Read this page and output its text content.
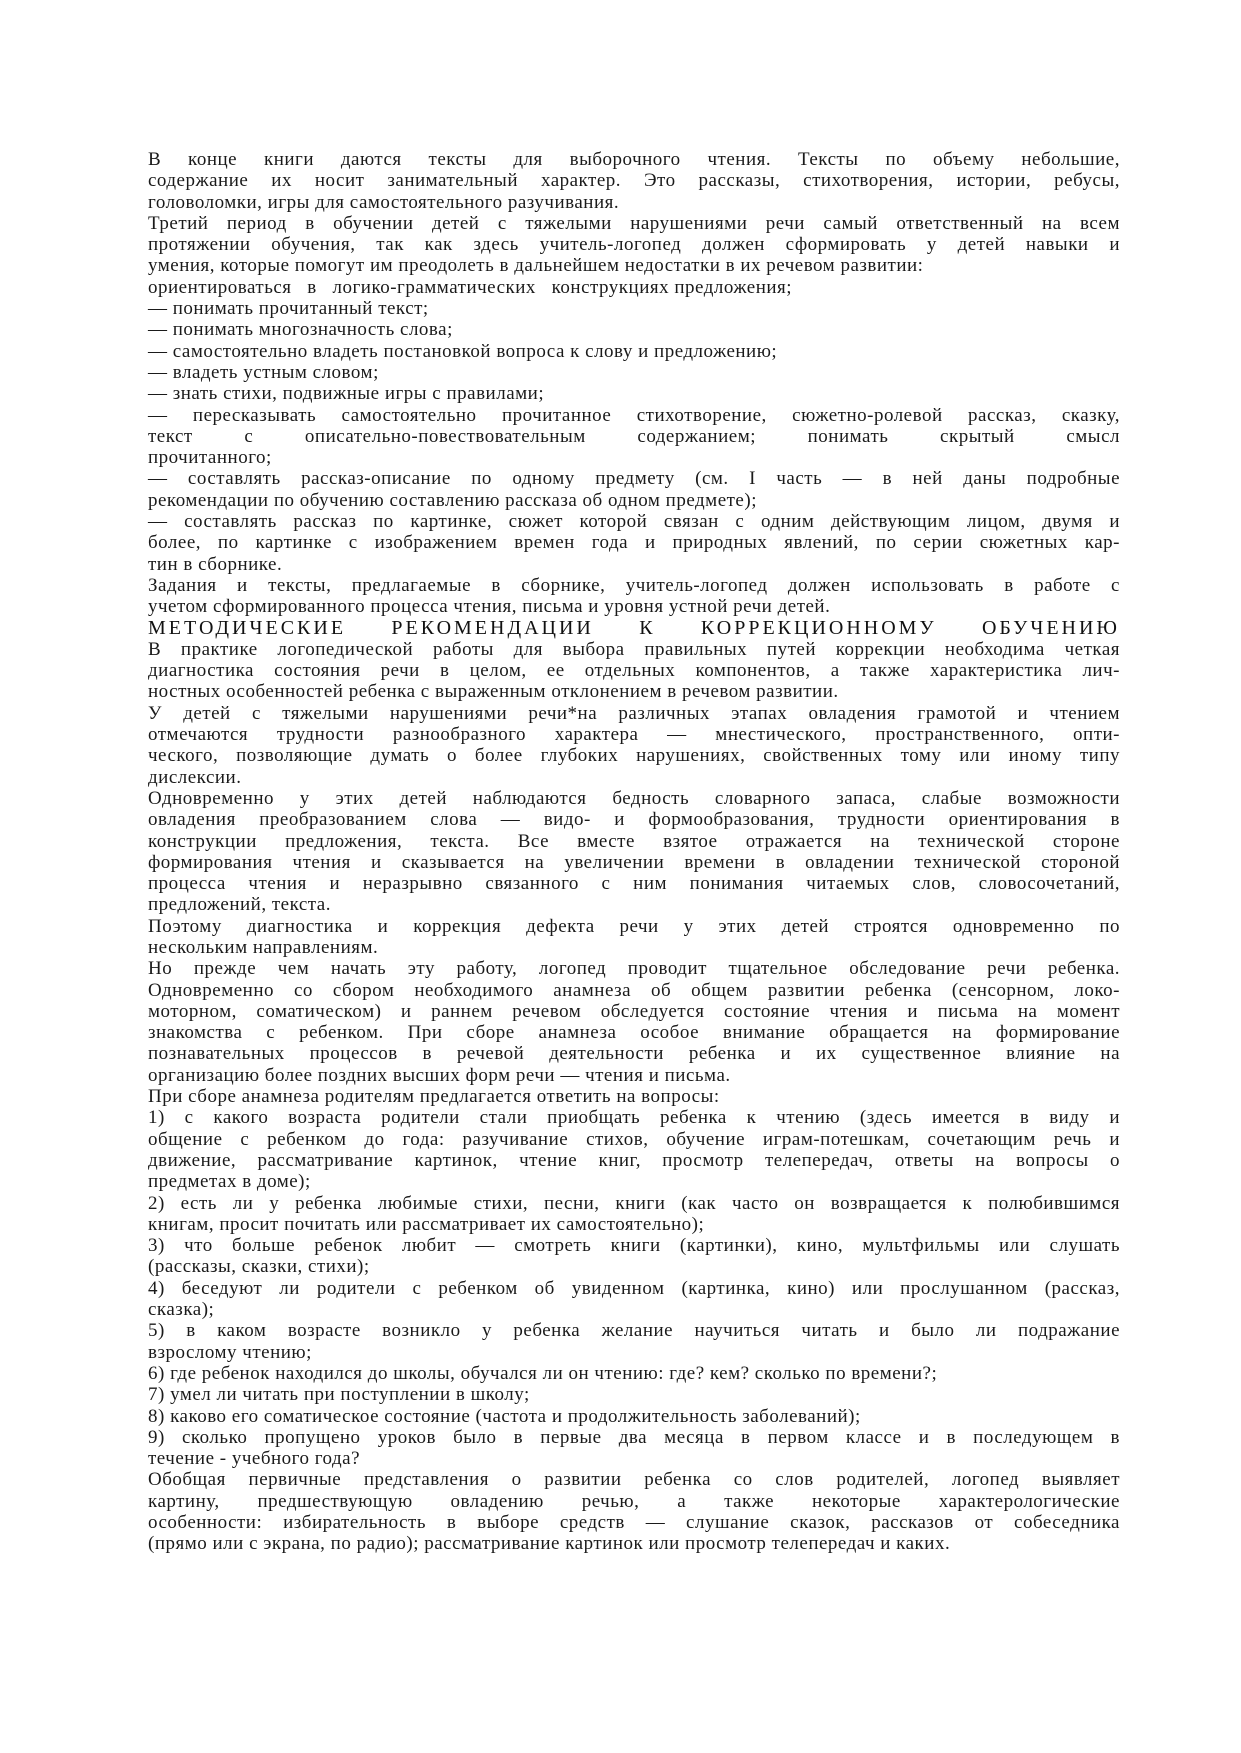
В конце книги даются тексты для выборочного чтения. Тексты по объему небольшие,
содержание их носит занимательный характер. Это рассказы, стихотворения, истории, ребусы,
головоломки, игры для самостоятельного разучивания.
Третий период в обучении детей с тяжелыми нарушениями речи самый ответственный на всем
протяжении обучения, так как здесь учитель-логопед должен сформировать у детей навыки и
умения, которые помогут им преодолеть в дальнейшем недостатки в их речевом развитии:
ориентироваться   в   логико-грамматических   конструкциях предложения;
— понимать прочитанный текст;
— понимать многозначность слова;
— самостоятельно владеть постановкой вопроса к слову и предложению;
— владеть устным словом;
— знать стихи, подвижные игры с правилами;
— пересказывать самостоятельно прочитанное стихотворение, сюжетно-ролевой рассказ, сказку,
текст с описательно-повествовательным содержанием; понимать скрытый смысл
прочитанного;
— составлять рассказ-описание по одному предмету (см. I часть — в ней даны подробные
рекомендации по обучению составлению рассказа об одном предмете);
— составлять рассказ по картинке, сюжет которой связан с одним действующим лицом, двумя и
более, по картинке с изображением времен года и природных явлений, по серии сюжетных кар-
тин в сборнике.
Задания и тексты, предлагаемые в сборнике, учитель-логопед должен использовать в работе с
учетом сформированного процесса чтения, письма и уровня устной речи детей.
МЕТОДИЧЕСКИЕ РЕКОМЕНДАЦИИ К КОРРЕКЦИОННОМУ ОБУЧЕНИЮ
В практике логопедической работы для выбора правильных путей коррекции необходима четкая
диагностика состояния речи в целом, ее отдельных компонентов, а также характеристика лич-
ностных особенностей ребенка с выраженным отклонением в речевом развитии.
У детей с тяжелыми нарушениями речи*на различных этапах овладения грамотой и чтением
отмечаются трудности разнообразного характера — мнестического, пространственного, опти-
ческого, позволяющие думать о более глубоких нарушениях, свойственных тому или иному типу
дислексии.
Одновременно у этих детей наблюдаются бедность словарного запаса, слабые возможности
овладения преобразованием слова — видо- и формообразования, трудности ориентирования в
конструкции предложения, текста. Все вместе взятое отражается на технической стороне
формирования чтения и сказывается на увеличении времени в овладении технической стороной
процесса чтения и неразрывно связанного с ним понимания читаемых слов, словосочетаний,
предложений, текста.
Поэтому диагностика и коррекция дефекта речи у этих детей строятся одновременно по
нескольким направлениям.
Но прежде чем начать эту работу, логопед проводит тщательное обследование речи ребенка.
Одновременно со сбором необходимого анамнеза об общем развитии ребенка (сенсорном, локо-
моторном, соматическом) и раннем речевом обследуется состояние чтения и письма на момент
знакомства с ребенком. При сборе анамнеза особое внимание обращается на формирование
познавательных процессов в речевой деятельности ребенка и их существенное влияние на
организацию более поздних высших форм речи — чтения и письма.
При сборе анамнеза родителям предлагается ответить на вопросы:
1) с какого возраста родители стали приобщать ребенка к чтению (здесь имеется в виду и
общение с ребенком до года: разучивание стихов, обучение играм-потешкам, сочетающим речь и
движение, рассматривание картинок, чтение книг, просмотр телепередач, ответы на вопросы о
предметах в доме);
2) есть ли у ребенка любимые стихи, песни, книги (как часто он возвращается к полюбившимся
книгам, просит почитать или рассматривает их самостоятельно);
3) что больше ребенок любит — смотреть книги (картинки), кино, мультфильмы или слушать
(рассказы, сказки, стихи);
4) беседуют ли родители с ребенком об увиденном (картинка, кино) или прослушанном (рассказ,
сказка);
5) в каком возрасте возникло у ребенка желание научиться читать и было ли подражание
взрослому чтению;
6) где ребенок находился до школы, обучался ли он чтению: где? кем? сколько по времени?;
7) умел ли читать при поступлении в школу;
8) каково его соматическое состояние (частота и продолжительность заболеваний);
9) сколько пропущено уроков было в первые два месяца в первом классе и в последующем в
течение - учебного года?
Обобщая первичные представления о развитии ребенка со слов родителей, логопед выявляет
картину, предшествующую овладению речью, а также некоторые характерологические
особенности: избирательность в выборе средств — слушание сказок, рассказов от собеседника
(прямо или с экрана, по радио); рассматривание картинок или просмотр телепередач и каких.
